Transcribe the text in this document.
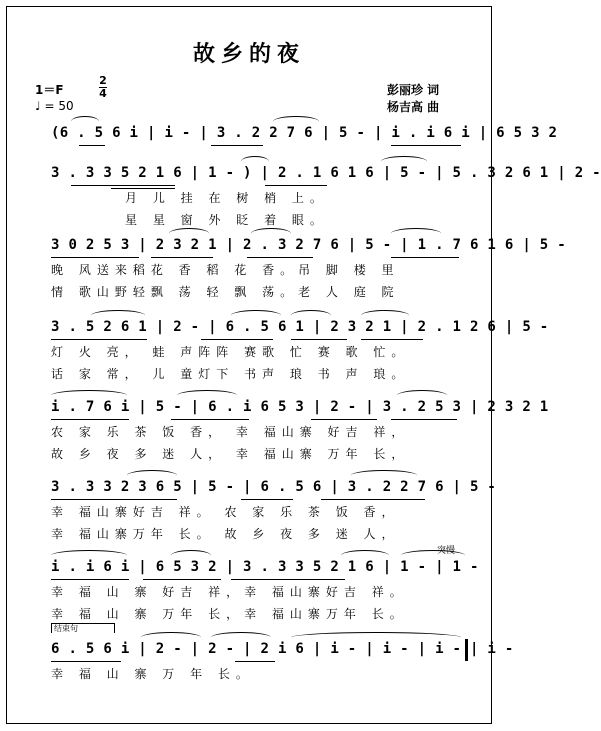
故乡的夜
1＝F
2
4
♩ = 50
彭丽珍 词
杨吉高 曲
(6 . 5 6 i | i - | 3 . 2 2 7 6 | 5 - | i . i 6 i | 6 5 3 2
3 . 3 3 5 2 1 6 | 1 - ) | 2 . 1 6 1 6 | 5 - | 5 . 3 2 6 1 | 2 -
月 儿 挂 在 树 梢 上。
星 星 窗 外 眨 着 眼。
3 0 2 5 3 | 2 3 2 1 | 2 . 3 2 7 6 | 5 - | 1 . 7 6 1 6 | 5 -
晚 风送来稻花 香 稻 花 香。吊 脚 楼 里
情 歌山野轻飘 荡 轻 飘 荡。老 人 庭 院
3 . 5 2 6 1 | 2 - | 6 . 5 6 1 | 2 3 2 1 | 2 . 1 2 6 | 5 -
灯 火 亮， 蛙 声阵阵 赛歌 忙 赛 歌 忙。
话 家 常， 儿 童灯下 书声 琅 书 声 琅。
i . 7 6 i | 5 - | 6 . i 6 5 3 | 2 - | 3 . 2 5 3 | 2 3 2 1
农 家 乐 茶 饭 香， 幸 福山寨 好吉 祥，
故 乡 夜 多 迷 人， 幸 福山寨 万年 长，
3 . 3 3 2 3 6 5 | 5 - | 6 . 5 6 | 3 . 2 2 7 6 | 5 -
幸 福山寨好吉 祥。 农 家 乐 茶 饭 香，
幸 福山寨万年 长。 故 乡 夜 多 迷 人，
突慢
i . i 6 i | 6 5 3 2 | 3 . 3 3 5 2 1 6 | 1 - | 1 -
幸 福 山 寨 好吉 祥，幸 福山寨好吉 祥。
幸 福 山 寨 万年 长，幸 福山寨万年 长。
结束句
6 . 5 6 i | 2 - | 2 - | 2 i 6 | i - | i - | i - | i -
幸 福 山 寨 万 年 长。
